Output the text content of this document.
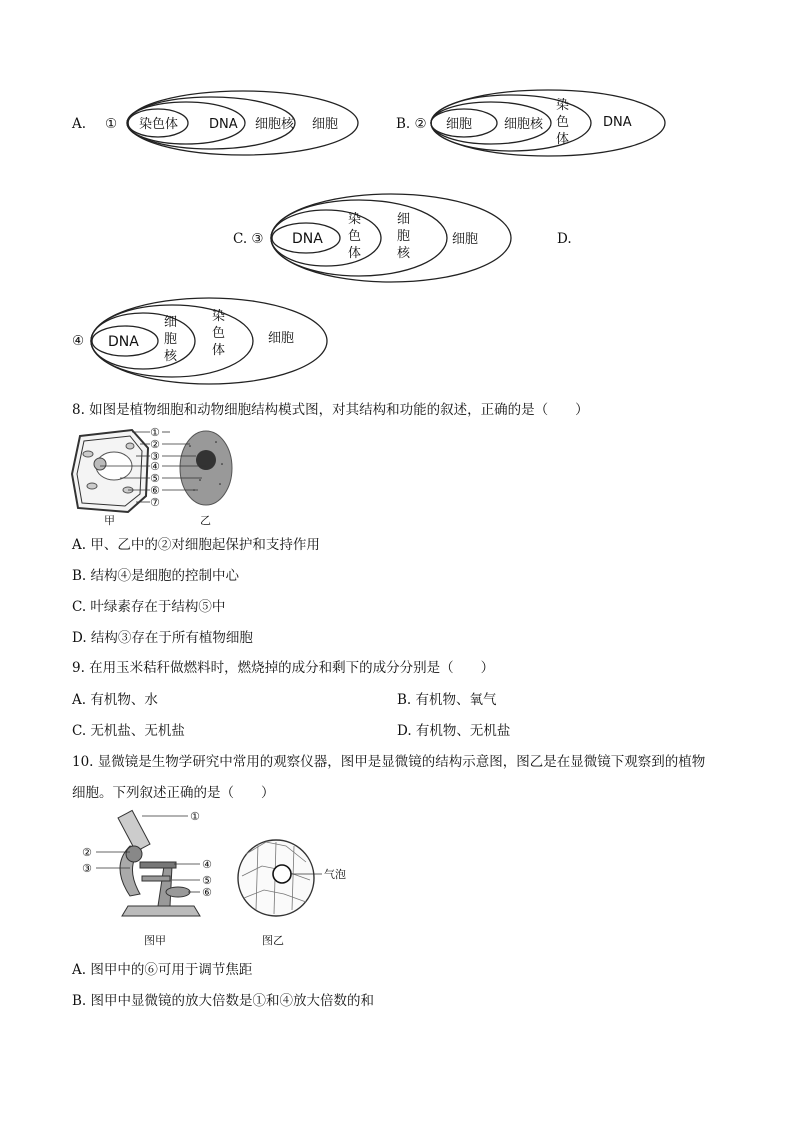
A. ① 染色体 DNA 细胞核 细胞	B. ② 细胞 细胞核
染
色
体
DNA
C. ③ DNA
染
色
体
细
胞
核
细胞	D.
④ DNA
细
胞
核
染
色
体
细胞
8. 如图是植物细胞和动物细胞结构模式图，对其结构和功能的叙述，正确的是（　　）
①
②
③
④
⑤
⑥
⑦
甲	乙
A. 甲、乙中的②对细胞起保护和支持作用
B. 结构④是细胞的控制中心
C. 叶绿素存在于结构⑤中
D. 结构③存在于所有植物细胞
9. 在用玉米秸秆做燃料时，燃烧掉的成分和剩下的成分分别是（　　）
A. 有机物、水	B. 有机物、氧气
C. 无机盐、无机盐	D. 有机物、无机盐
10. 显微镜是生物学研究中常用的观察仪器，图甲是显微镜的结构示意图，图乙是在显微镜下观察到的植物
细胞。下列叙述正确的是（　　）
①
②
③	④
⑤
⑥
图甲
气泡
图乙
A. 图甲中的⑥可用于调节焦距
B. 图甲中显微镜的放大倍数是①和④放大倍数的和
